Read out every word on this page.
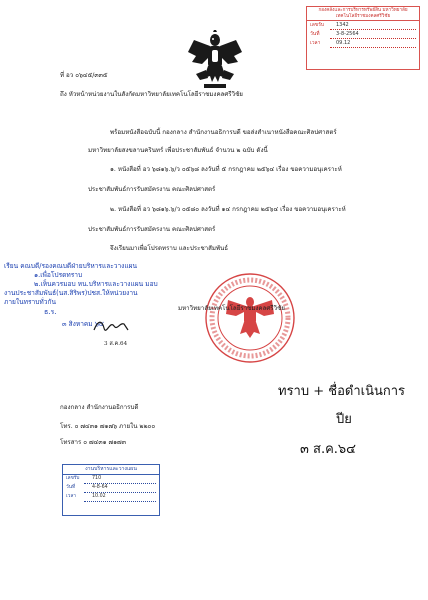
กองคลังและการบริหารทรัพย์สิน มหาวิทยาลัยเทคโนโลยีราชมงคลศรีวิชัย
เลขรับ	1342
วันที่	3-8-2564
เวลา	09.12
ที่ อว ๐๖๔๕/๓๓๕
ถึง หัวหน้าหน่วยงานในสังกัดมหาวิทยาลัยเทคโนโลยีราชมงคลศรีวิชัย
พร้อมหนังสือฉบับนี้ กองกลาง สำนักงานอธิการบดี ขอส่งสำเนาหนังสือคณะศิลปศาสตร์
มหาวิทยาลัยสงขลานครินทร์ เพื่อประชาสัมพันธ์ จำนวน ๒ ฉบับ ดังนี้
๑. หนังสือที่ อว ๖๘๑๖.๖/ว ๐๕๖๘ ลงวันที่ ๕ กรกฎาคม ๒๕๖๔ เรื่อง ขอความอนุเคราะห์
ประชาสัมพันธ์การรับสมัครงาน คณะศิลปศาสตร์
๒. หนังสือที่ อว ๖๘๑๖.๖/ว ๐๕๘๐ ลงวันที่ ๑๔ กรกฎาคม ๒๕๖๔ เรื่อง ขอความอนุเคราะห์
ประชาสัมพันธ์การรับสมัครงาน คณะศิลปศาสตร์
จึงเรียนมาเพื่อโปรดทราบ และประชาสัมพันธ์
เรียน คณบดี/รองคณบดีฝ่ายบริหารและวางแผน
๑.เพื่อโปรดทราบ
๒.เห็นควรมอบ หน.บริหารและวางแผน มอบ
งานประชาสัมพันธ์(นส.สิริพร)ปชส.ให้หน่วยงาน
ภายในทราบทั่วกัน
ธ.ร.
๓ สิงหาคม ๖๔
3 ส.ค.64
มหาวิทยาลัยเทคโนโลยีราชมงคลศรีวิชัย
ทราบ + ชื่อดำเนินการ
ปีย
๓ ส.ค.๖๔
กองกลาง สำนักงานอธิการบดี
โทร. ๐ ๗๔๓๑ ๗๑๗๖ ภายใน ๒๒๐๐
โทรสาร ๐ ๗๔๓๑ ๗๑๗๓
งานบริหารและวางแผน
เลขรับ	710
วันที่	4-8-64
เวลา	10.02
